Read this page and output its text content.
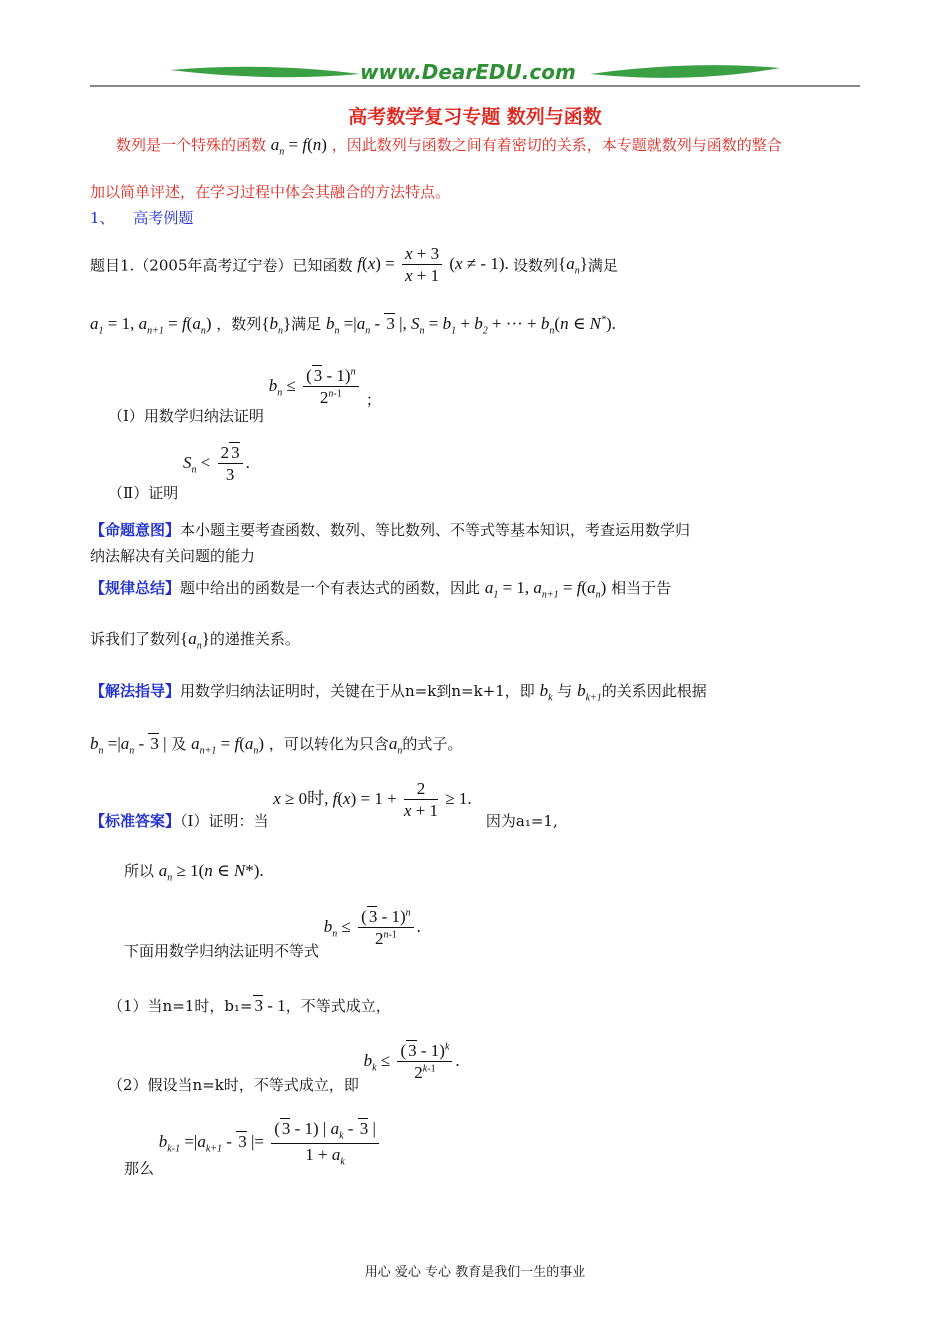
www.DearEDU.com
高考数学复习专题 数列与函数
数列是一个特殊的函数 $a_n = f(n)$ ，因此数列与函数之间有着密切的关系，本专题就数列与函数的整合
加以简单评述，在学习过程中体会其融合的方法特点。
1、 高考例题
题目1.（2005年高考辽宁卷）已知函数 $f(x) = \frac{x + 3}{x + 1} (x$ ≠ - 1). 设数列$\{a_n\}$满足
$a_1 = 1$, $a_{n+1} = f(a_n)$ ，数列$\{b_n\}$满足 $b_n =|a_n - 3$ |, $S_n = b_1 + b_2$ + ··· + $b_n(n$ ∈ N*).
（Ⅰ）用数学归纳法证明 $b_n \le \frac{( 3 - 1)^n}{2^{n-1}}$ ；
（Ⅱ）证明 $S_n < \frac{2 3}{3}$ .
【命题意图】本小题主要考查函数、数列、等比数列、不等式等基本知识，考查运用数学归
纳法解决有关问题的能力
【规律总结】题中给出的函数是一个有表达式的函数，因此 $a_1 = 1$, $a_{n+1} = f(a_n)$ 相当于告
诉我们了数列$\{a_n\}$的递推关系。
【解法指导】用数学归纳法证明时，关键在于从n=k到n=k+1，即 $b_k$ 与 $b_{k+1}$的关系因此根据
$b_n =|a_n - 3$ | 及 $a_{n+1} = f(a_n)$ ，可以转化为只含$a_n$的式子。
【标准答案】（Ⅰ）证明：当 x ≥ 0时, $f(x) = 1 + \frac{2}{x + 1} \ge 1$. 因为a₁=1,
所以 $a_n \ge 1(n$ ∈ N*).
下面用数学归纳法证明不等式 $b_n \le \frac{( 3 - 1)^n}{2^{n-1}}$ .
（1）当n=1时，b₁= 3 - 1，不等式成立，
（2）假设当n=k时，不等式成立，即 $b_k \le \frac{( 3 - 1)^k}{2^{k-1}}$ .
那么 $b_{k-1} =|a_{k+1} - 3$ |= $\frac{( 3 - 1) | a_k - 3 |}{1 + a_k}$
用心 爱心 专心 教育是我们一生的事业
